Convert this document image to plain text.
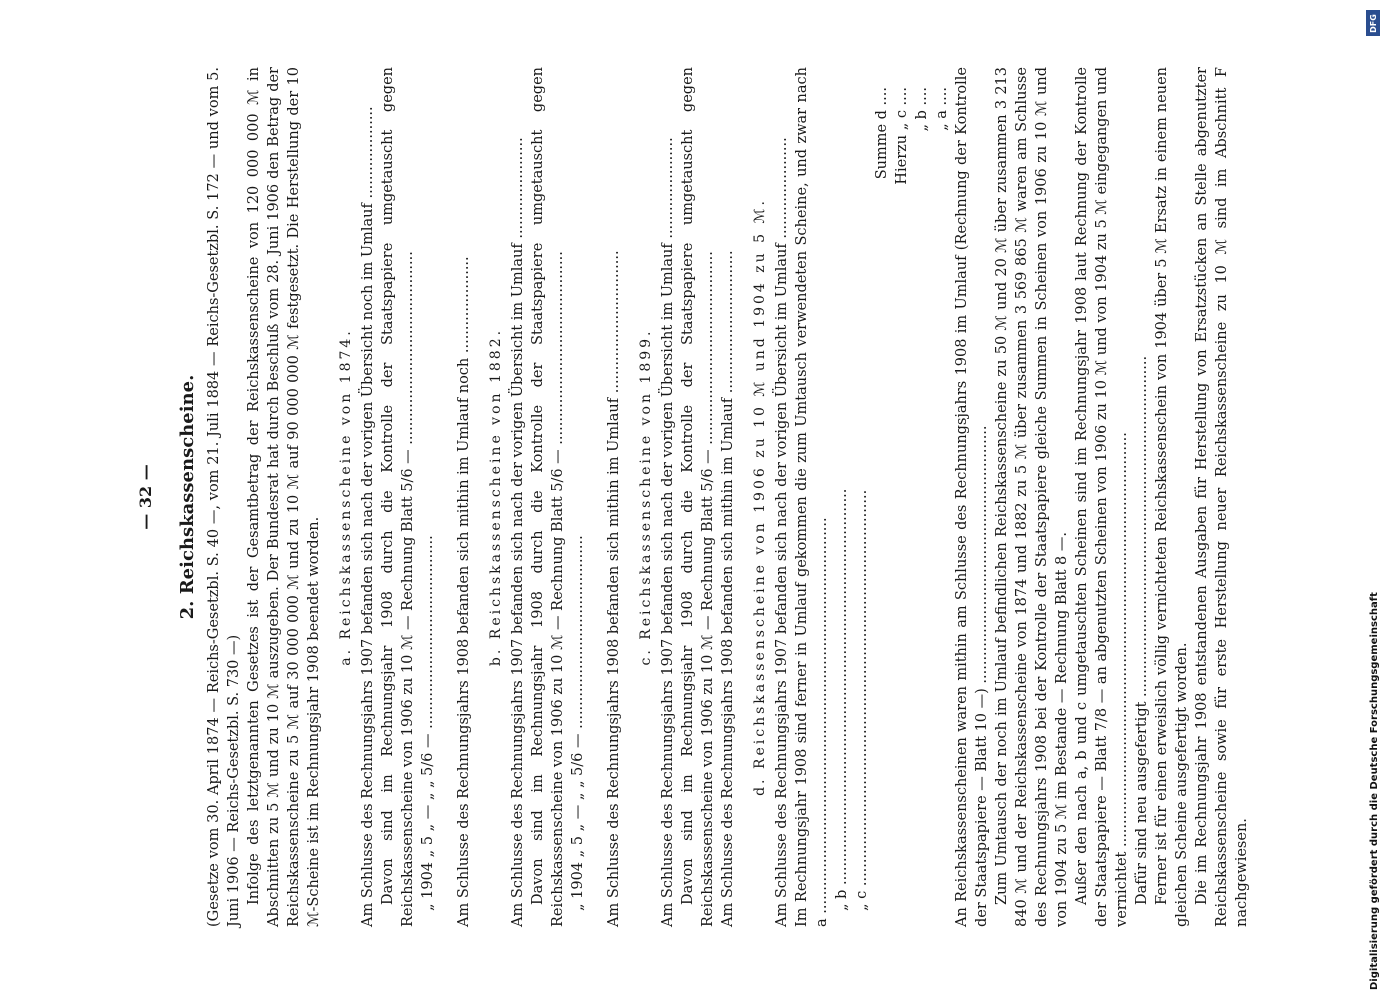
— 32 — 2. Reichskassenscheine. (Gesetze vom 30. April 1874 — Reichs-Gesetzbl. S. 40 —, vom 21. Juli 1884 — Reichs-Gesetzbl. S. 172 — und vom 5. Juni 1906 — Reichs-Gesetzbl. S. 730 —) Infolge des letztgenannten Gesetzes ist der Gesamtbetrag der Reichskassenscheine von 120 000 000 ℳ in Abschnitten zu 5 ℳ und zu 10 ℳ auszugeben. Der Bundesrat hat durch Beschluß vom 28. Juni 1906 den Betrag der Reichskassenscheine zu 5 ℳ auf 30 000 000 ℳ und zu 10 ℳ auf 90 000 000 ℳ festgesetzt. Die Herstellung der 10 ℳ-Scheine ist im Rechnungsjahr 1908 beendet worden.

a. Reichskassenscheine von 1874. Am Schlusse des Rechnungsjahrs 1907 befanden sich nach der vorigen Übersicht noch im Umlauf .................... Davon sind im Rechnungsjahr 1908 durch die Kontrolle der Staatspapiere umgetauscht gegen Reichskassenscheine von 1906 zu 10 ℳ — Rechnung Blatt 5/6 — .......................................... „ 1904 „ 5 „ — „ „ 5/6 — .......................................... Am Schlusse des Rechnungsjahrs 1908 befanden sich mithin im Umlauf noch ..................... b. Reichskassenscheine von 1882. Am Schlusse des Rechnungsjahrs 1907 befanden sich nach der vorigen Übersicht im Umlauf ...................... Davon sind im Rechnungsjahr 1908 durch die Kontrolle der Staatspapiere umgetauscht gegen Reichskassenscheine von 1906 zu 10 ℳ — Rechnung Blatt 5/6 — .......................................... „ 1904 „ 5 „ — „ „ 5/6 — .......................................... Am Schlusse des Rechnungsjahrs 1908 befanden sich mithin im Umlauf ............................... c. Reichskassenscheine von 1899. Am Schlusse des Rechnungsjahrs 1907 befanden sich nach der vorigen Übersicht im Umlauf ...................... Davon sind im Rechnungsjahr 1908 durch die Kontrolle der Staatspapiere umgetauscht gegen Reichskassenscheine von 1906 zu 10 ℳ — Rechnung Blatt 5/6 — .......................................... Am Schlusse des Rechnungsjahrs 1908 befanden sich mithin im Umlauf ............................... d. Reichskassenscheine von 1906 zu 10 ℳ und 1904 zu 5 ℳ. Am Schlusse des Rechnungsjahrs 1907 befanden sich nach der vorigen Übersicht im Umlauf ...................... Im Rechnungsjahr 1908 sind ferner in Umlauf gekommen die zum Umtausch verwendeten Scheine, und zwar nach a ...................................................................................... „ b ...................................................................................... „ c ......................................................................................
Summe d .... Hierzu „ c .... „ b .... „ a .... An Reichskassenscheinen waren mithin am Schlusse des Rechnungsjahrs 1908 im Umlauf (Rechnung der Kontrolle der Staatspapiere — Blatt 10 —) ........................................................ Zum Umtausch der noch im Umlauf befindlichen Reichskassenscheine zu 50 ℳ und 20 ℳ über zusammen 3 213 840 ℳ und der Reichskassenscheine von 1874 und 1882 zu 5 ℳ über zusammen 3 569 865 ℳ waren am Schlusse des Rechnungsjahrs 1908 bei der Kontrolle der Staatspapiere gleiche Summen in Scheinen von 1906 zu 10 ℳ und von 1904 zu 5 ℳ im Bestande — Rechnung Blatt 8 —. Außer den nach a, b und c umgetauschten Scheinen sind im Rechnungsjahr 1908 laut Rechnung der Kontrolle der Staatspapiere — Blatt 7/8 — an abgenutzten Scheinen von 1906 zu 10 ℳ und von 1904 zu 5 ℳ eingegangen und vernichtet .......................................................................................... Dafür sind neu ausgefertigt .......................................................................... Ferner ist für einen erweislich völlig vernichteten Reichskassenschein von 1904 über 5 ℳ Ersatz in einem neuen gleichen Scheine ausgefertigt worden. Die im Rechnungsjahr 1908 entstandenen Ausgaben für Herstellung von Ersatzstücken an Stelle abgenutzter Reichskassenscheine sowie für erste Herstellung neuer Reichskassenscheine zu 10 ℳ sind im Abschnitt F nachgewiesen.

DFG
Digitalisierung gefördert durch die Deutsche Forschungsgemeinschaft
